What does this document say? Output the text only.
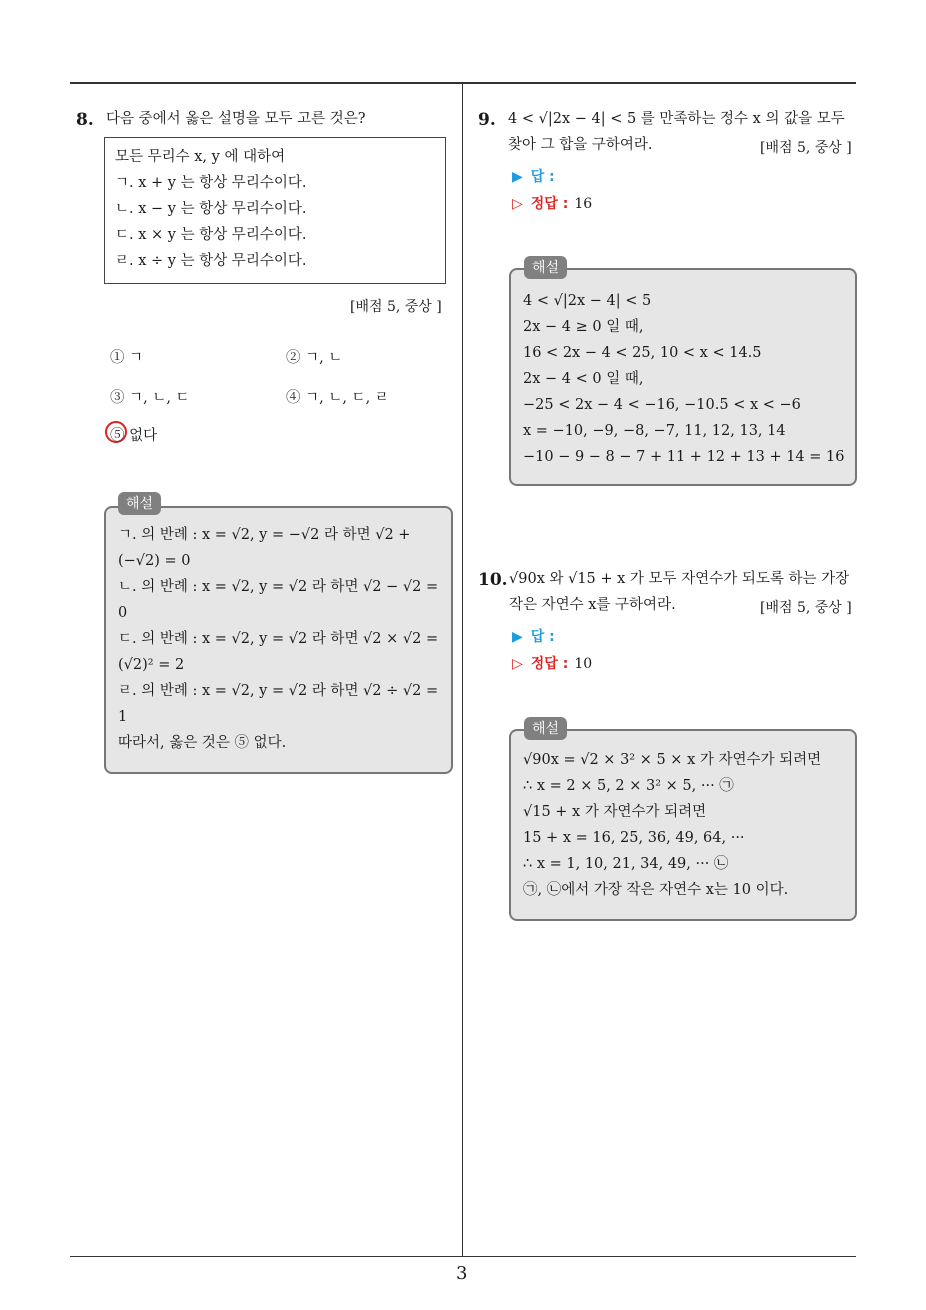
8. 다음 중에서 옳은 설명을 모두 고른 것은?
모든 무리수 x, y 에 대하여
ㄱ. x + y 는 항상 무리수이다.
ㄴ. x − y 는 항상 무리수이다.
ㄷ. x × y 는 항상 무리수이다.
ㄹ. x ÷ y 는 항상 무리수이다.
[배점 5, 중상 ]
① ㄱ	② ㄱ, ㄴ
③ ㄱ, ㄴ, ㄷ	④ ㄱ, ㄴ, ㄷ, ㄹ
⑤ 없다
ㄱ. 의 반례 : x = √2, y = −√2 라 하면 √2 +
(−√2) = 0
ㄴ. 의 반례 : x = √2, y = √2 라 하면 √2 − √2 =
0
ㄷ. 의 반례 : x = √2, y = √2 라 하면 √2 × √2 =
(√2)² = 2
ㄹ. 의 반례 : x = √2, y = √2 라 하면 √2 ÷ √2 =
1
따라서, 옳은 것은 ⑤ 없다.
해설
9. 4 < √|2x − 4| < 5 를 만족하는 정수 x 의 값을 모두
찾아 그 합을 구하여라.	[배점 5, 중상 ]
▶ 답 :
▷ 정답 : 16
4 < √|2x − 4| < 5
2x − 4 ≥ 0 일 때,
16 < 2x − 4 < 25, 10 < x < 14.5
2x − 4 < 0 일 때,
−25 < 2x − 4 < −16, −10.5 < x < −6
x = −10, −9, −8, −7, 11, 12, 13, 14
−10 − 9 − 8 − 7 + 11 + 12 + 13 + 14 = 16
해설
10. √90x 와 √15 + x 가 모두 자연수가 되도록 하는 가장
작은 자연수 x를 구하여라.	[배점 5, 중상 ]
▶ 답 :
▷ 정답 : 10
√90x = √2 × 3² × 5 × x 가 자연수가 되려면
∴ x = 2 × 5, 2 × 3² × 5, ··· ㉠
√15 + x 가 자연수가 되려면
15 + x = 16, 25, 36, 49, 64, ···
∴ x = 1, 10, 21, 34, 49, ··· ㉡
㉠, ㉡에서 가장 작은 자연수 x는 10 이다.
해설
3
